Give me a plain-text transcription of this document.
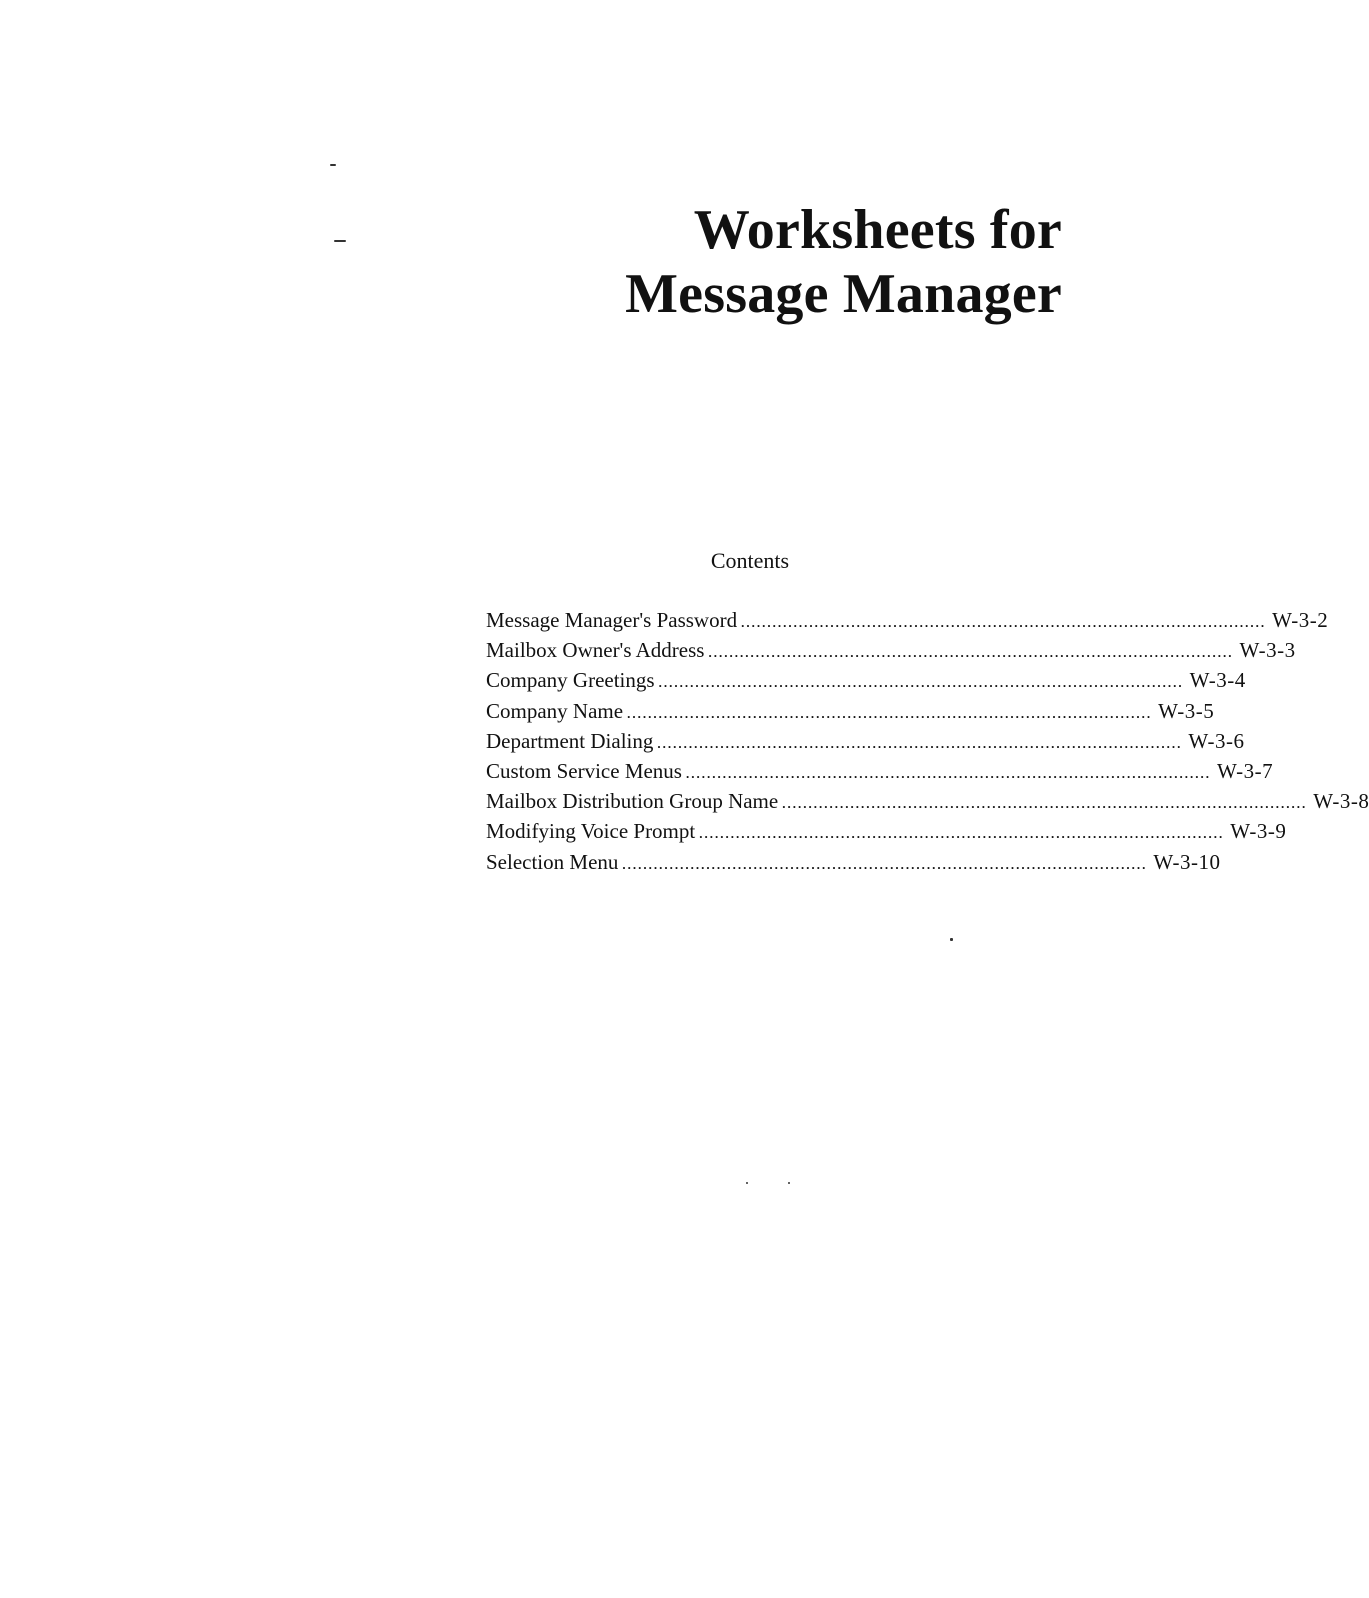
Worksheets for
Message Manager
Contents
Message Manager's Password .................................................................................................... W-3-2
Mailbox Owner's Address .................................................................................................... W-3-3
Company Greetings .................................................................................................... W-3-4
Company Name .................................................................................................... W-3-5
Department Dialing .................................................................................................... W-3-6
Custom Service Menus .................................................................................................... W-3-7
Mailbox Distribution Group Name .................................................................................................... W-3-8
Modifying Voice Prompt .................................................................................................... W-3-9
Selection Menu .................................................................................................... W-3-10
